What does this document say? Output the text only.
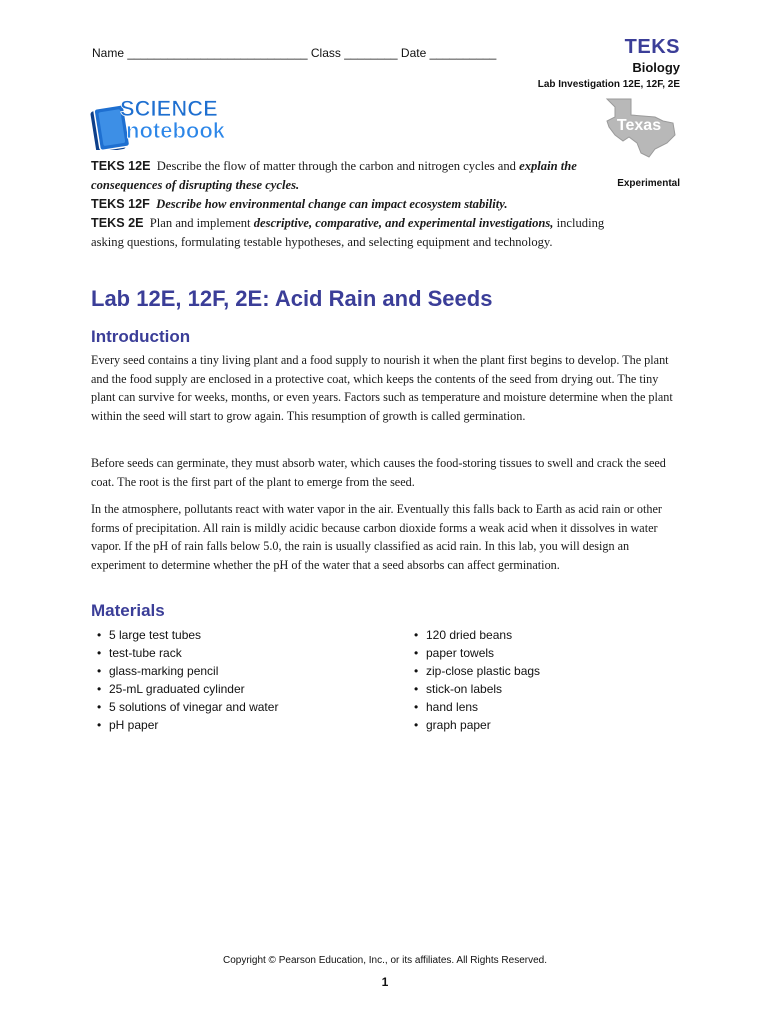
Name ___________________________ Class ________ Date __________	TEKS
Biology
Lab Investigation 12E, 12F, 2E
SCIENCE
notebook	Texas
Experimental
TEKS 12E Describe the flow of matter through the carbon and nitrogen cycles and explain the consequences of disrupting these cycles.
TEKS 12F Describe how environmental change can impact ecosystem stability.
TEKS 2E Plan and implement descriptive, comparative, and experimental investigations, including asking questions, formulating testable hypotheses, and selecting equipment and technology.
Lab 12E, 12F, 2E: Acid Rain and Seeds
Introduction

Every seed contains a tiny living plant and a food supply to nourish it when the plant first begins to develop. The plant and the food supply are enclosed in a protective coat, which keeps the contents of the seed from drying out. The tiny plant can survive for weeks, months, or even years. Factors such as temperature and moisture determine when the plant within the seed will start to grow again. This resumption of growth is called germination.

Before seeds can germinate, they must absorb water, which causes the food-storing tissues to swell and crack the seed coat. The root is the first part of the plant to emerge from the seed.

In the atmosphere, pollutants react with water vapor in the air. Eventually this falls back to Earth as acid rain or other forms of precipitation. All rain is mildly acidic because carbon dioxide forms a weak acid when it dissolves in water vapor. If the pH of rain falls below 5.0, the rain is usually classified as acid rain. In this lab, you will design an experiment to determine whether the pH of the water that a seed absorbs can affect germination.

Materials
• 5 large test tubes
• test-tube rack
• glass-marking pencil
• 25-mL graduated cylinder
• 5 solutions of vinegar and water
• pH paper
• 120 dried beans
• paper towels
• zip-close plastic bags
• stick-on labels
• hand lens
• graph paper
Copyright © Pearson Education, Inc., or its affiliates. All Rights Reserved.
1
